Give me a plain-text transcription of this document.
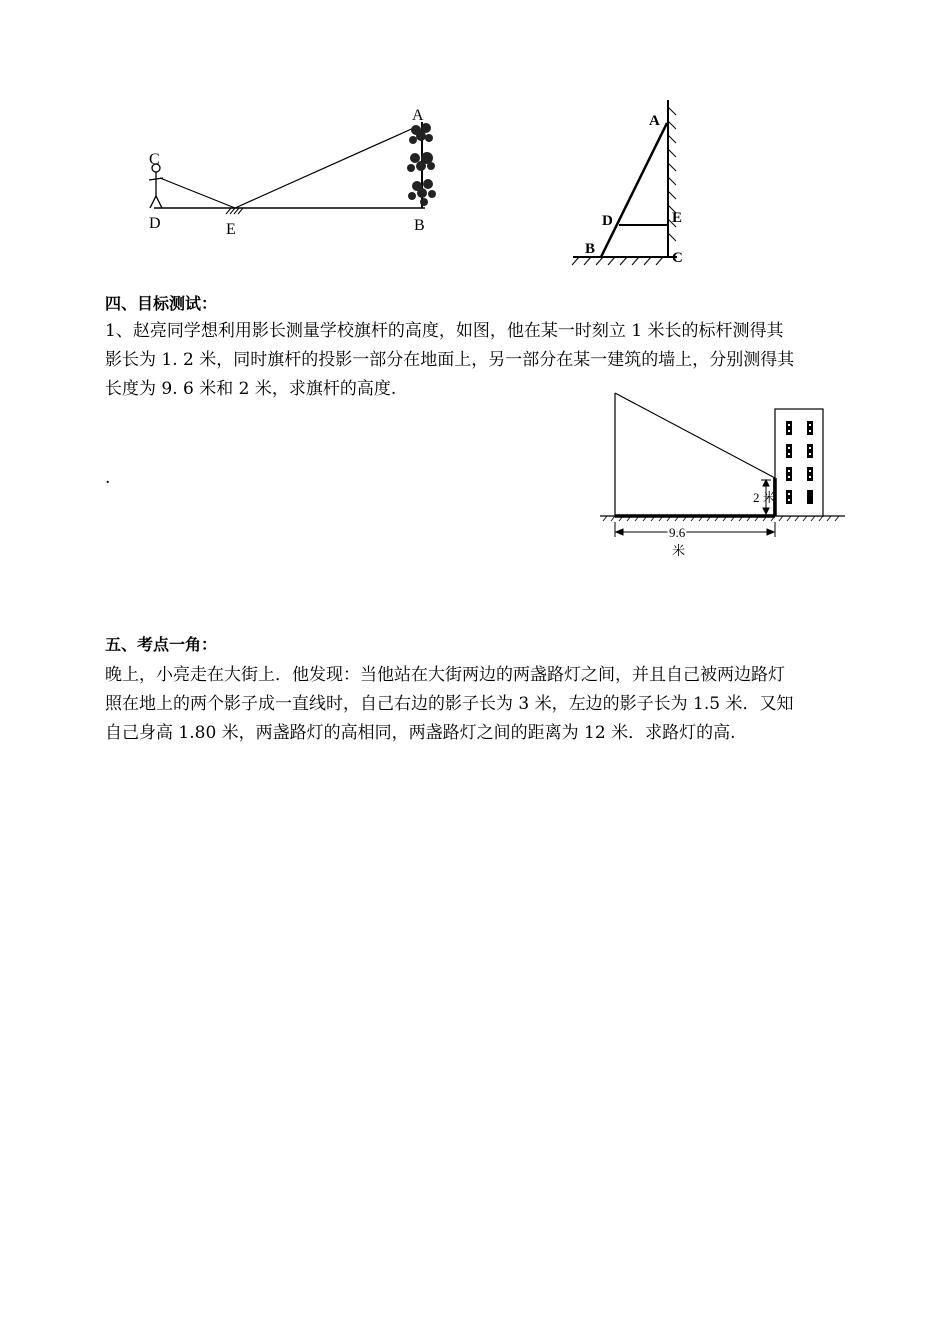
A
B
C
D	E
A
B
C
D	E
四、目标测试：
1、赵亮同学想利用影长测量学校旗杆的高度，如图，他在某一时刻立 1 米长的标杆测得其
影长为 1. 2 米，同时旗杆的投影一部分在地面上，另一部分在某一建筑的墙上，分别测得其
长度为 9. 6 米和 2 米，求旗杆的高度.
.
2 米
9.6
米
五、考点一角：
晚上，小亮走在大街上．他发现：当他站在大街两边的两盏路灯之间，并且自己被两边路灯
照在地上的两个影子成一直线时，自己右边的影子长为 3 米，左边的影子长为 1.5 米．又知
自己身高 1.80 米，两盏路灯的高相同，两盏路灯之间的距离为 12 米．求路灯的高.
